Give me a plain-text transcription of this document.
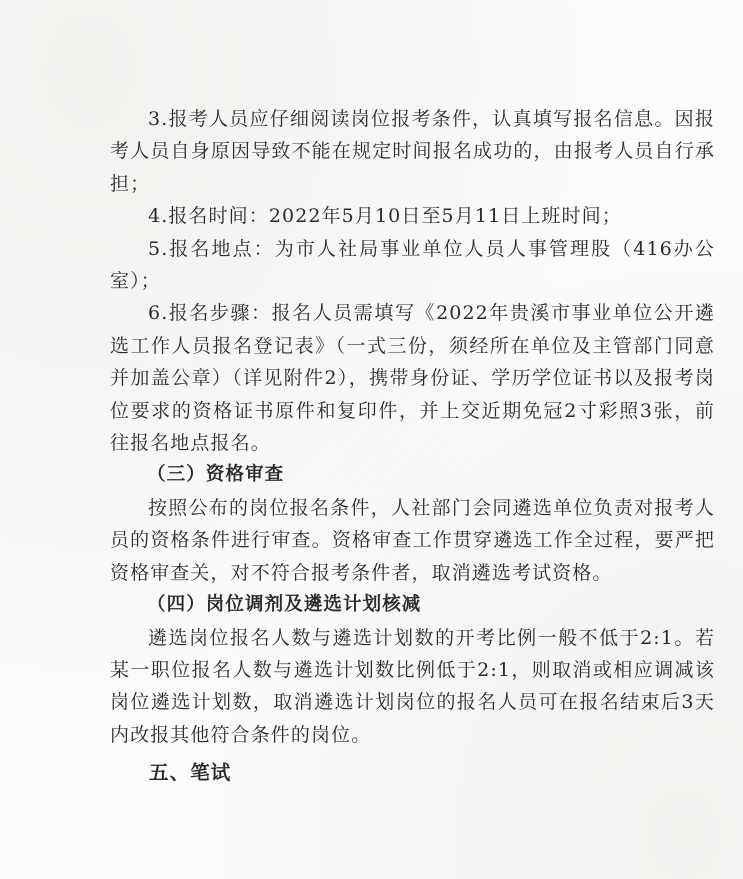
3.报考人员应仔细阅读岗位报考条件，认真填写报名信息。因报考人员自身原因导致不能在规定时间报名成功的，由报考人员自行承担；

4.报名时间：2022年5月10日至5月11日上班时间；

5.报名地点：为市人社局事业单位人员人事管理股（416办公室）；

6.报名步骤：报名人员需填写《2022年贵溪市事业单位公开遴选工作人员报名登记表》（一式三份，须经所在单位及主管部门同意并加盖公章）（详见附件2），携带身份证、学历学位证书以及报考岗位要求的资格证书原件和复印件，并上交近期免冠2寸彩照3张，前往报名地点报名。

（三）资格审查

按照公布的岗位报名条件，人社部门会同遴选单位负责对报考人员的资格条件进行审查。资格审查工作贯穿遴选工作全过程，要严把资格审查关，对不符合报考条件者，取消遴选考试资格。

（四）岗位调剂及遴选计划核减

遴选岗位报名人数与遴选计划数的开考比例一般不低于2:1。若某一职位报名人数与遴选计划数比例低于2:1，则取消或相应调减该岗位遴选计划数，取消遴选计划岗位的报名人员可在报名结束后3天内改报其他符合条件的岗位。

五、笔试
